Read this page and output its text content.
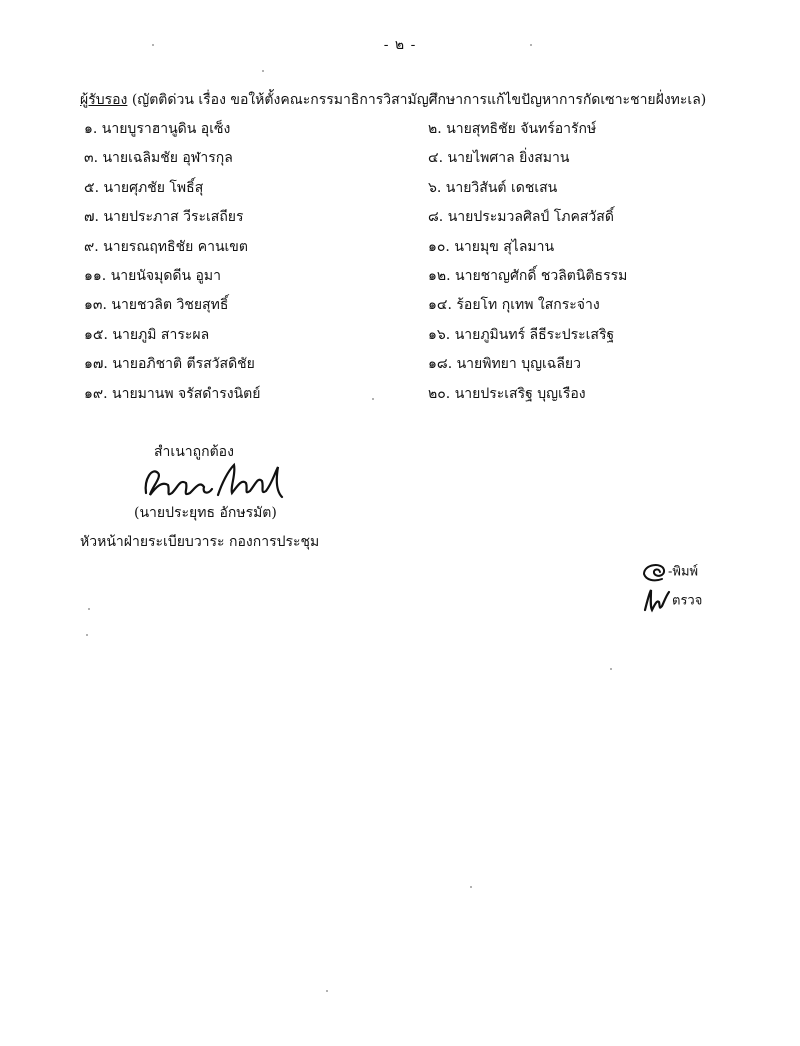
- ๒ -
ผู้รับรอง (ญัตติด่วน เรื่อง ขอให้ตั้งคณะกรรมาธิการวิสามัญศึกษาการแก้ไขปัญหาการกัดเซาะชายฝั่งทะเล)
๑. นายบูราฮานูดิน อุเซ็ง	๒. นายสุทธิชัย จันทร์อารักษ์
๓. นายเฉลิมชัย อุฬารกุล	๔. นายไพศาล ยิ่งสมาน
๕. นายศุภชัย โพธิ์สุ	๖. นายวิสันต์ เดชเสน
๗. นายประภาส วีระเสถียร	๘. นายประมวลศิลป์ โภคสวัสดิ์
๙. นายรณฤทธิชัย คานเขต	๑๐. นายมุข สุไลมาน
๑๑. นายนัจมุดดีน อูมา	๑๒. นายชาญศักดิ์ ชวลิตนิติธรรม
๑๓. นายชวลิต วิชยสุทธิ์	๑๔. ร้อยโท กุเทพ ใสกระจ่าง
๑๕. นายภูมิ สาระผล	๑๖. นายภูมินทร์ ลีธีระประเสริฐ
๑๗. นายอภิชาติ ตีรสวัสดิชัย	๑๘. นายพิทยา บุญเฉลียว
๑๙. นายมานพ จรัสดำรงนิตย์	๒๐. นายประเสริฐ บุญเรือง
สำเนาถูกต้อง
(นายประยุทธ อักษรมัต)
หัวหน้าฝ่ายระเบียบวาระ กองการประชุม
-พิมพ์
ตรวจ
